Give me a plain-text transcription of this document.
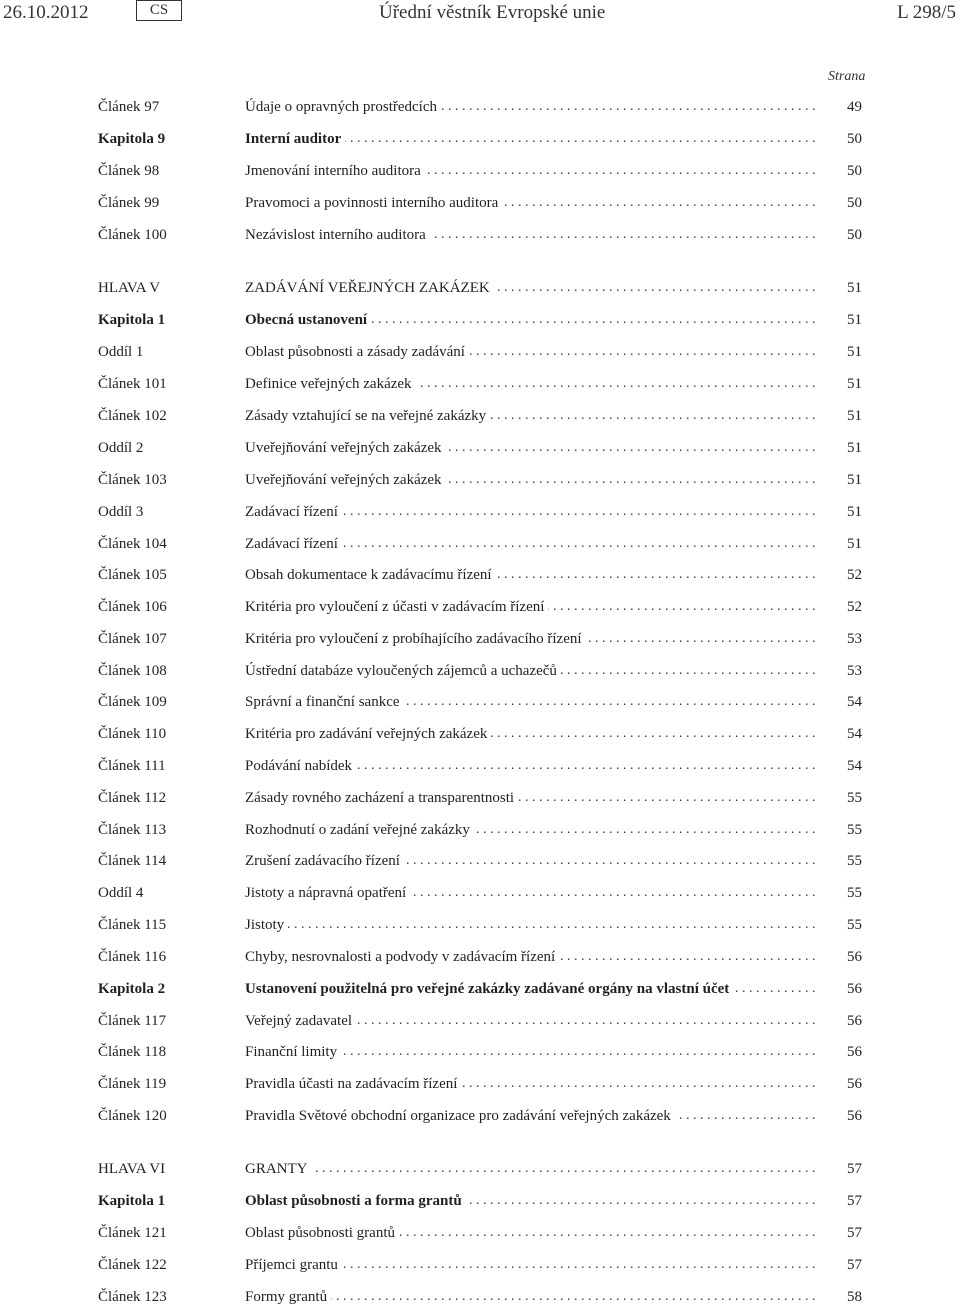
26.10.2012	CS	Úřední věstník Evropské unie	L 298/5
Strana
Článek 97	Údaje o opravných prostředcích . . .	49
Kapitola 9	Interní auditor . . .	50
Článek 98	Jmenování interního auditora . . .	50
Článek 99	Pravomoci a povinnosti interního auditora . . .	50
Článek 100	Nezávislost interního auditora . . .	50
HLAVA V	ZADÁVÁNÍ VEŘEJNÝCH ZAKÁZEK . . .	51
Kapitola 1	Obecná ustanovení . . .	51
Oddíl 1	Oblast působnosti a zásady zadávání . . .	51
Článek 101	Definice veřejných zakázek . . .	51
Článek 102	Zásady vztahující se na veřejné zakázky . . .	51
Oddíl 2	Uveřejňování veřejných zakázek . . .	51
Článek 103	Uveřejňování veřejných zakázek . . .	51
Oddíl 3	Zadávací řízení . . .	51
Článek 104	Zadávací řízení . . .	51
Článek 105	Obsah dokumentace k zadávacímu řízení . . .	52
Článek 106	Kritéria pro vyloučení z účasti v zadávacím řízení . . .	52
Článek 107	Kritéria pro vyloučení z probíhajícího zadávacího řízení . . .	53
Článek 108	Ústřední databáze vyloučených zájemců a uchazečů . . .	53
Článek 109	Správní a finanční sankce . . .	54
Článek 110	Kritéria pro zadávání veřejných zakázek . . .	54
Článek 111	Podávání nabídek . . .	54
Článek 112	Zásady rovného zacházení a transparentnosti . . .	55
Článek 113	Rozhodnutí o zadání veřejné zakázky . . .	55
Článek 114	Zrušení zadávacího řízení . . .	55
Oddíl 4	Jistoty a nápravná opatření . . .	55
Článek 115	Jistoty . . .	55
Článek 116	Chyby, nesrovnalosti a podvody v zadávacím řízení . . .	56
Kapitola 2	Ustanovení použitelná pro veřejné zakázky zadávané orgány na vlastní účet . . .	56
Článek 117	Veřejný zadavatel . . .	56
Článek 118	Finanční limity . . .	56
Článek 119	Pravidla účasti na zadávacím řízení . . .	56
Článek 120	Pravidla Světové obchodní organizace pro zadávání veřejných zakázek . . .	56
HLAVA VI	GRANTY . . .	57
Kapitola 1	Oblast působnosti a forma grantů . . .	57
Článek 121	Oblast působnosti grantů . . .	57
Článek 122	Příjemci grantu . . .	57
Článek 123	Formy grantů . . .	58
